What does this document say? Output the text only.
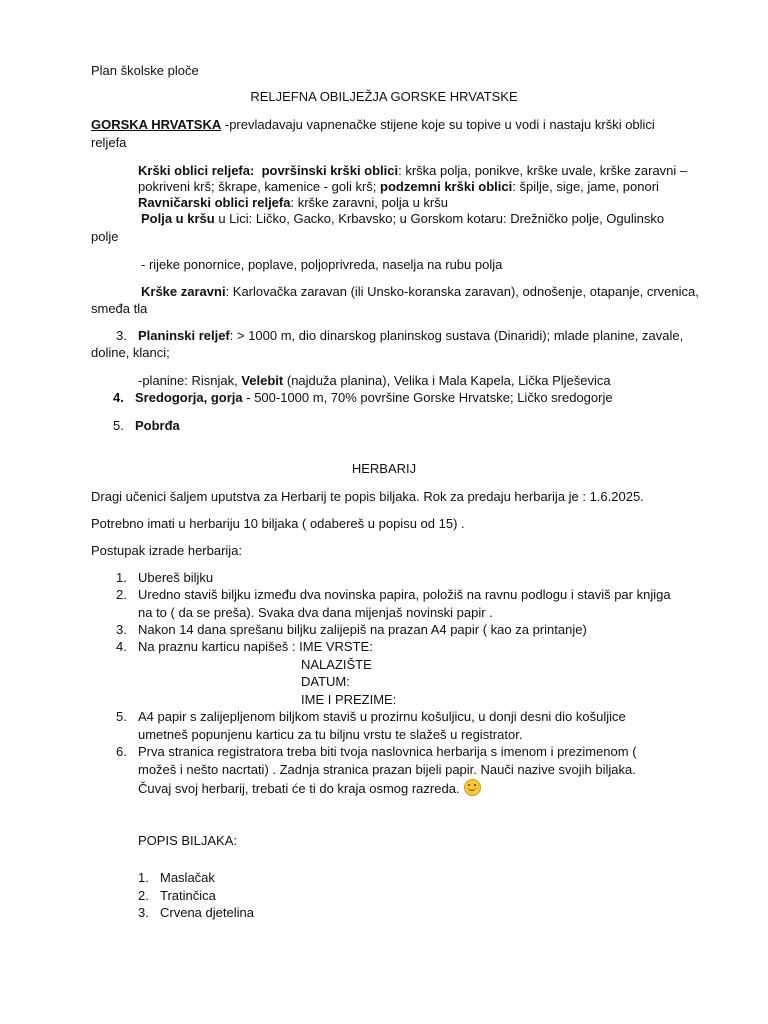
Plan školske ploče
RELJEFNA OBILJEŽJA GORSKE HRVATSKE
GORSKA HRVATSKA -prevladavaju vapnenačke stijene koje su topive u vodi i nastaju krški oblici
reljefa
Krški oblici reljefa: površinski krški oblici: krška polja, ponikve, krške uvale, krške zaravni –
pokriveni krš; škrape, kamenice - goli krš; podzemni krški oblici: špilje, sige, jame, ponori
Ravničarski oblici reljefa: krške zaravni, polja u kršu
Polja u kršu u Lici: Ličko, Gacko, Krbavsko; u Gorskom kotaru: Drežničko polje, Ogulinsko
polje
- rijeke ponornice, poplave, poljoprivreda, naselja na rubu polja
Krške zaravni: Karlovačka zaravan (ili Unsko-koranska zaravan), odnošenje, otapanje, crvenica,
smeđa tla
3. Planinski reljef: > 1000 m, dio dinarskog planinskog sustava (Dinaridi); mlade planine, zavale,
doline, klanci;
-planine: Risnjak, Velebit (najduža planina), Velika i Mala Kapela, Lička Plješevica
4. Sredogorja, gorja - 500-1000 m, 70% površine Gorske Hrvatske; Ličko sredogorje
5. Pobrđa
HERBARIJ
Dragi učenici šaljem uputstva za Herbarij te popis biljaka. Rok za predaju herbarija je : 1.6.2025.
Potrebno imati u herbariju 10 biljaka ( odabereš u popisu od 15) .
Postupak izrade herbarija:
1. Ubereš biljku
2. Uredno staviš biljku između dva novinska papira, položiš na ravnu podlogu i staviš par knjiga
na to ( da se preša). Svaka dva dana mijenjaš novinski papir .
3. Nakon 14 dana sprešanu biljku zalijepiš na prazan A4 papir ( kao za printanje)
4. Na praznu karticu napišeš : IME VRSTE:
NALAZIŠTE
DATUM:
IME I PREZIME:
5. A4 papir s zalijepljenom biljkom staviš u prozirnu košuljicu, u donji desni dio košuljice
umetneš popunjenu karticu za tu biljnu vrstu te slažeš u registrator.
6. Prva stranica registratora treba biti tvoja naslovnica herbarija s imenom i prezimenom (
možeš i nešto nacrtati) . Zadnja stranica prazan bijeli papir. Nauči nazive svojih biljaka.
Čuvaj svoj herbarij, trebati će ti do kraja osmog razreda.
POPIS BILJAKA:
1. Maslačak
2. Tratinčica
3. Crvena djetelina
